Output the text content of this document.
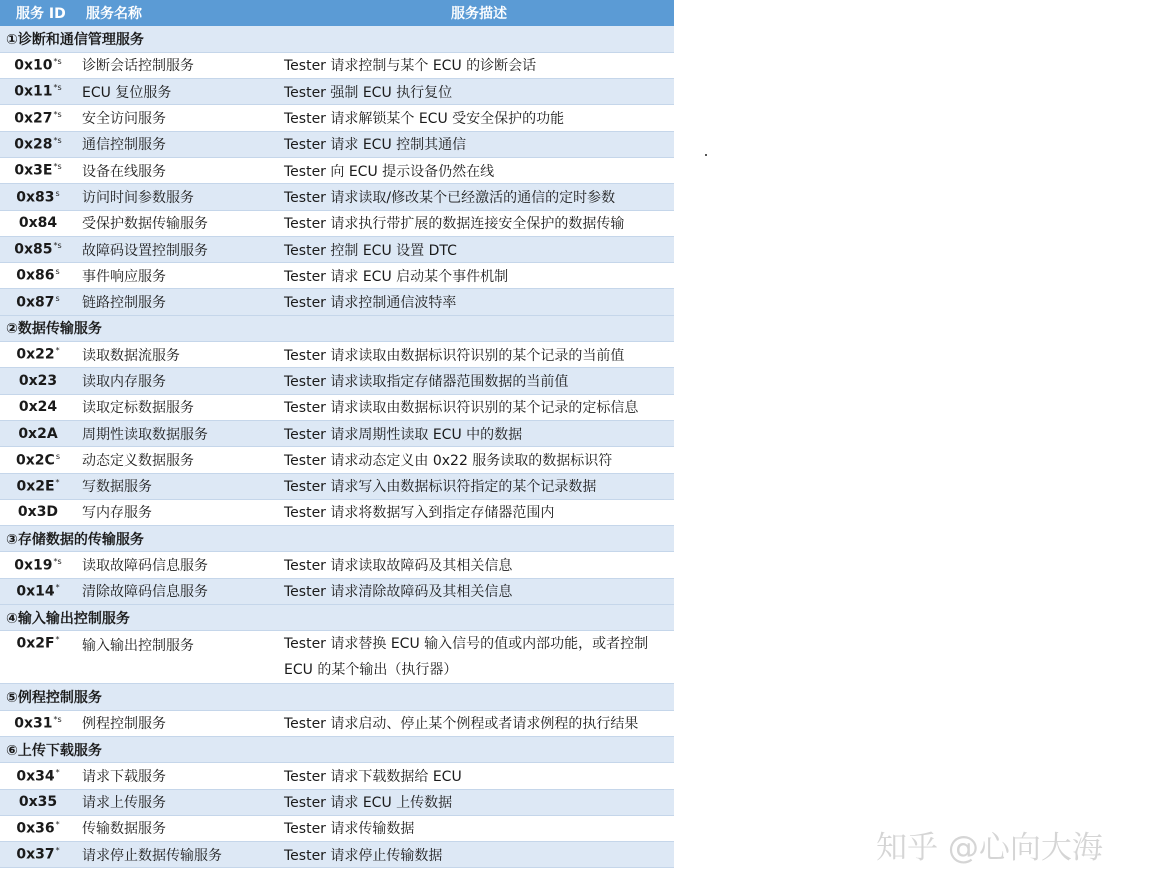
服务 ID	服务名称	服务描述
①诊断和通信管理服务		
0x10$^{*s}$	诊断会话控制服务	Tester 请求控制与某个 ECU 的诊断会话
0x11$^{*s}$	ECU 复位服务	Tester 强制 ECU 执行复位
0x27$^{*s}$	安全访问服务	Tester 请求解锁某个 ECU 受安全保护的功能
0x28$^{*s}$	通信控制服务	Tester 请求 ECU 控制其通信
$0x3E^{*s}$	设备在线服务	Tester 向 ECU 提示设备仍然在线
0x83$^s$	访问时间参数服务	Tester 请求读取/修改某个已经激活的通信的定时参数
0x84	受保护数据传输服务	Tester 请求执行带扩展的数据连接安全保护的数据传输
0x85$^{*s}$	故障码设置控制服务	Tester 控制 ECU 设置 DTC
0x86$^s$	事件响应服务	Tester 请求 ECU 启动某个事件机制
0x87$^s$	链路控制服务	Tester 请求控制通信波特率
②数据传输服务		
0x22*	读取数据流服务	Tester 请求读取由数据标识符识别的某个记录的当前值
0x23	读取内存服务	Tester 请求读取指定存储器范围数据的当前值
0x24	读取定标数据服务	Tester 请求读取由数据标识符识别的某个记录的定标信息
0x2A	周期性读取数据服务	Tester 请求周期性读取 ECU 中的数据
$0x2C^s$	动态定义数据服务	Tester 请求动态定义由 0x22 服务读取的数据标识符
0x2E*	写数据服务	Tester 请求写入由数据标识符指定的某个记录数据
0x3D	写内存服务	Tester 请求将数据写入到指定存储器范围内
③存储数据的传输服务		
0x19$^{*s}$	读取故障码信息服务	Tester 请求读取故障码及其相关信息
0x14*	清除故障码信息服务	Tester 请求清除故障码及其相关信息
④输入输出控制服务		
0x2F*	输入输出控制服务	Tester 请求替换 ECU 输入信号的值或内部功能，或者控制 ECU 的某个输出（执行器）
⑤例程控制服务		
0x31$^{*s}$	例程控制服务	Tester 请求启动、停止某个例程或者请求例程的执行结果
⑥上传下载服务		
0x34*	请求下载服务	Tester 请求下载数据给 ECU
0x35	请求上传服务	Tester 请求 ECU 上传数据
0x36*	传输数据服务	Tester 请求传输数据
0x37*	请求停止数据传输服务	Tester 请求停止传输数据	知乎 @心向大海
